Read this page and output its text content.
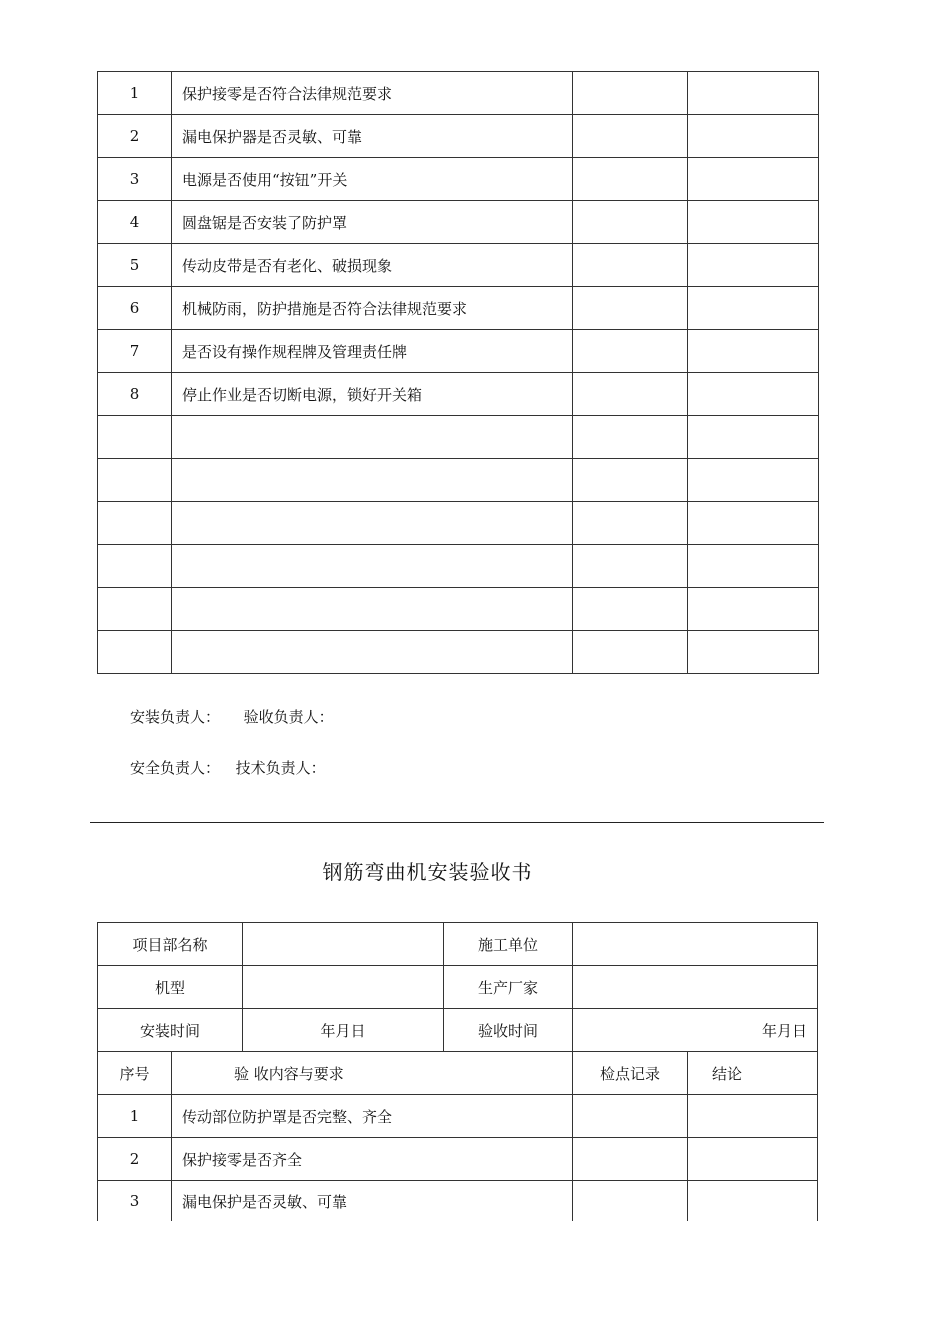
1	保护接零是否符合法律规范要求		
2	漏电保护器是否灵敏、可靠		
3	电源是否使用“按钮”开关		
4	圆盘锯是否安装了防护罩		
5	传动皮带是否有老化、破损现象		
6	机械防雨，防护措施是否符合法律规范要求		
7	是否设有操作规程牌及管理责任牌		
8	停止作业是否切断电源，锁好开关箱		

安装负责人： 验收负责人：
安全负责人： 技术负责人：
钢筋弯曲机安装验收书
项目部名称			施工单位		
机型			生产厂家		
安装时间		年月日	验收时间	年月日	
序号	验 收内容与要求			检点记录	结论
1	传动部位防护罩是否完整、齐全				
2	保护接零是否齐全				
3	漏电保护是否灵敏、可靠				
